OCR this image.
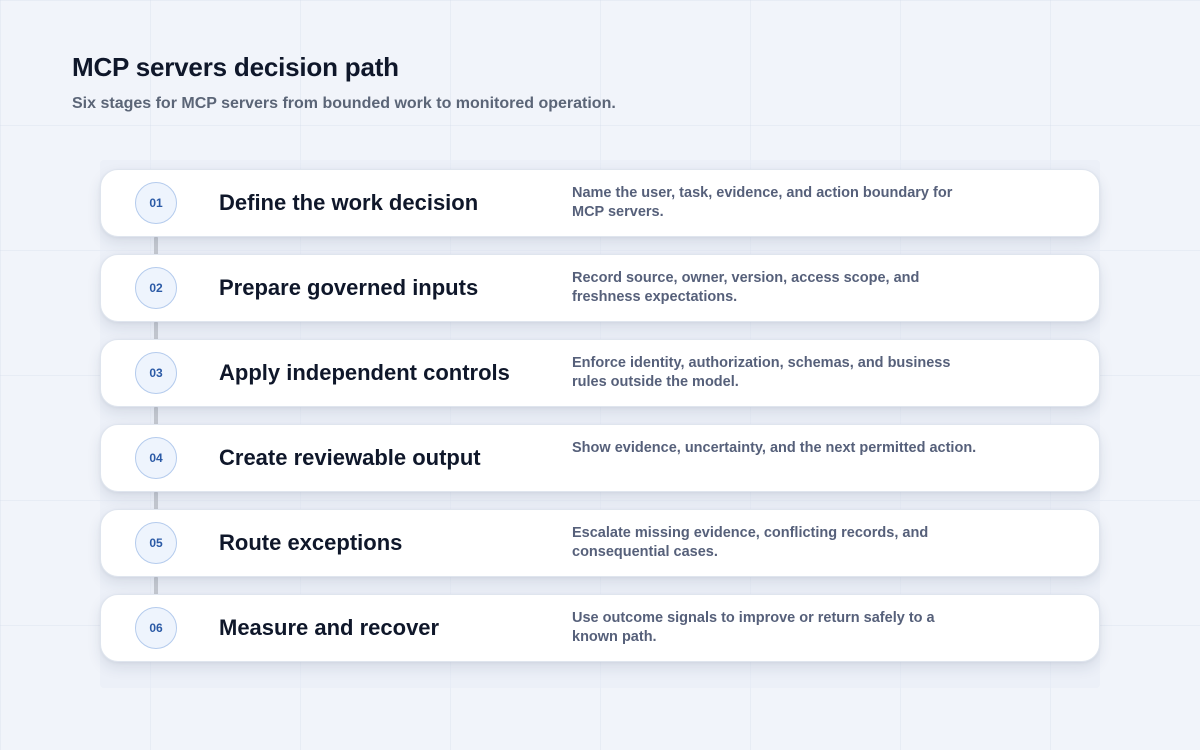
MCP servers decision path

Six stages for MCP servers from bounded work to monitored operation.

01	Define the work decision	Name the user, task, evidence, and action boundary for MCP servers.
02	Prepare governed inputs	Record source, owner, version, access scope, and freshness expectations.
03	Apply independent controls	Enforce identity, authorization, schemas, and business rules outside the model.
04	Create reviewable output	Show evidence, uncertainty, and the next permitted action.
05	Route exceptions	Escalate missing evidence, conflicting records, and consequential cases.
06	Measure and recover	Use outcome signals to improve or return safely to a known path.
